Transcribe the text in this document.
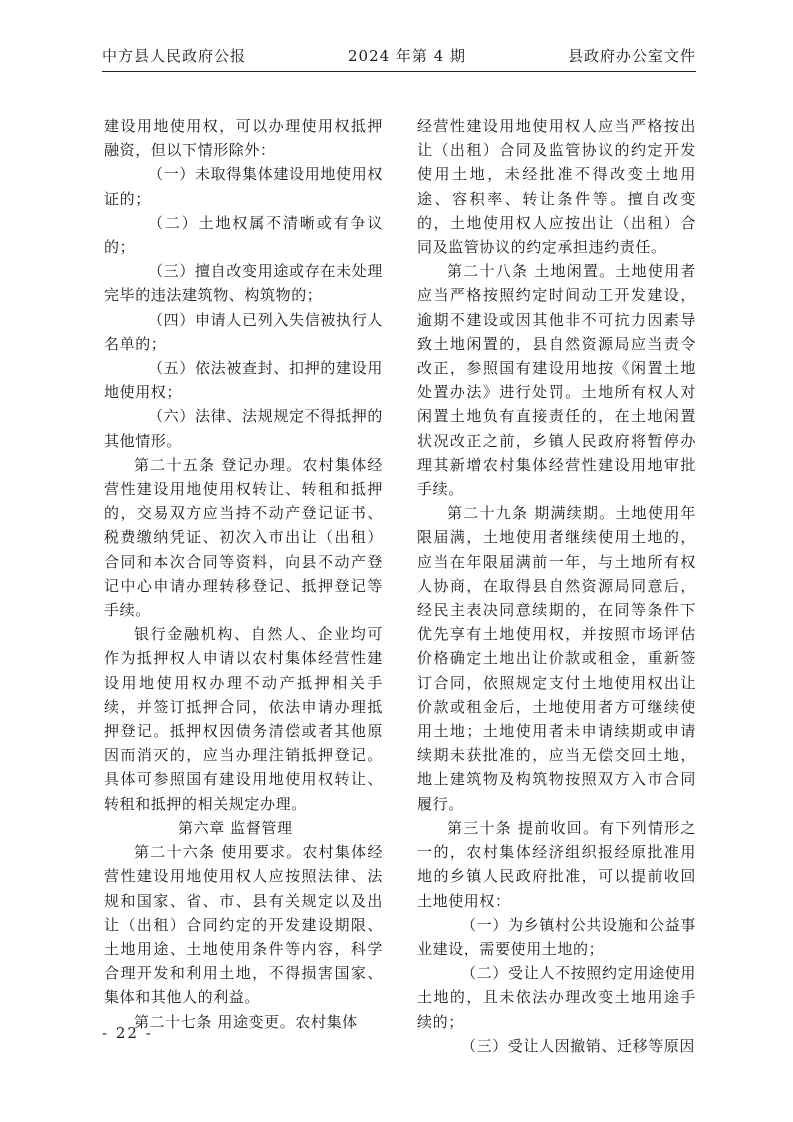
中方县人民政府公报	2024 年第 4 期	县政府办公室文件

建设用地使用权，可以办理使用权抵押融资，但以下情形除外：

（一）未取得集体建设用地使用权证的；

（二）土地权属不清晰或有争议的；

（三）擅自改变用途或存在未处理完毕的违法建筑物、构筑物的；

（四）申请人已列入失信被执行人名单的；

（五）依法被查封、扣押的建设用地使用权；

（六）法律、法规规定不得抵押的其他情形。

第二十五条 登记办理。农村集体经营性建设用地使用权转让、转租和抵押的，交易双方应当持不动产登记证书、税费缴纳凭证、初次入市出让（出租）合同和本次合同等资料，向县不动产登记中心申请办理转移登记、抵押登记等手续。

银行金融机构、自然人、企业均可作为抵押权人申请以农村集体经营性建设用地使用权办理不动产抵押相关手续，并签订抵押合同，依法申请办理抵押登记。抵押权因债务清偿或者其他原因而消灭的，应当办理注销抵押登记。具体可参照国有建设用地使用权转让、转租和抵押的相关规定办理。

第六章 监督管理

第二十六条 使用要求。农村集体经营性建设用地使用权人应按照法律、法规和国家、省、市、县有关规定以及出让（出租）合同约定的开发建设期限、土地用途、土地使用条件等内容，科学合理开发和利用土地，不得损害国家、集体和其他人的利益。

第二十七条 用途变更。农村集体

经营性建设用地使用权人应当严格按出让（出租）合同及监管协议的约定开发使用土地，未经批准不得改变土地用途、容积率、转让条件等。擅自改变的，土地使用权人应按出让（出租）合同及监管协议的约定承担违约责任。

第二十八条 土地闲置。土地使用者应当严格按照约定时间动工开发建设，逾期不建设或因其他非不可抗力因素导致土地闲置的，县自然资源局应当责令改正，参照国有建设用地按《闲置土地处置办法》进行处罚。土地所有权人对闲置土地负有直接责任的，在土地闲置状况改正之前，乡镇人民政府将暂停办理其新增农村集体经营性建设用地审批手续。

第二十九条 期满续期。土地使用年限届满，土地使用者继续使用土地的，应当在年限届满前一年，与土地所有权人协商，在取得县自然资源局同意后，经民主表决同意续期的，在同等条件下优先享有土地使用权，并按照市场评估价格确定土地出让价款或租金，重新签订合同，依照规定支付土地使用权出让价款或租金后，土地使用者方可继续使用土地；土地使用者未申请续期或申请续期未获批准的，应当无偿交回土地，地上建筑物及构筑物按照双方入市合同履行。

第三十条 提前收回。有下列情形之一的，农村集体经济组织报经原批准用地的乡镇人民政府批准，可以提前收回土地使用权：

（一）为乡镇村公共设施和公益事业建设，需要使用土地的；

（二）受让人不按照约定用途使用土地的，且未依法办理改变土地用途手续的；

（三）受让人因撤销、迁移等原因

- 22 -
